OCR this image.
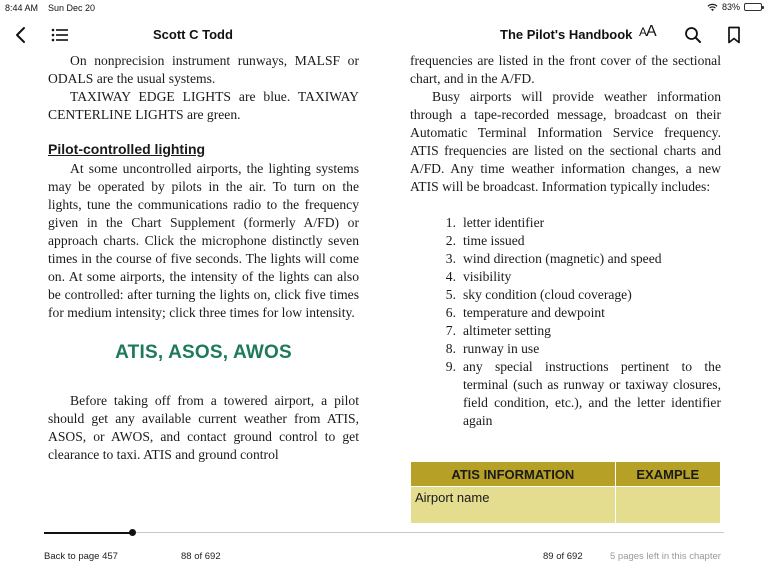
8:44 AM Sun Dec 20	83%
Scott C Todd	The Pilot's Handbook AA

On nonprecision instrument runways, MALSF or ODALS are the usual systems.

TAXIWAY EDGE LIGHTS are blue. TAXIWAY CENTERLINE LIGHTS are green.

Pilot-controlled lighting

At some uncontrolled airports, the lighting systems may be operated by pilots in the air. To turn on the lights, tune the communications radio to the frequency given in the Chart Supplement (formerly A/FD) or approach charts. Click the microphone distinctly seven times in the course of five seconds. The lights will come on. At some airports, the intensity of the lights can also be controlled: after turning the lights on, click five times for medium intensity; click three times for low intensity.

ATIS, ASOS, AWOS

Before taking off from a towered airport, a pilot should get any available current weather from ATIS, ASOS, or AWOS, and contact ground control to get clearance to taxi. ATIS and ground control

frequencies are listed in the front cover of the sectional chart, and in the A/FD.

Busy airports will provide weather information through a tape-recorded message, broadcast on their Automatic Terminal Information Service frequency. ATIS frequencies are listed on the sectional charts and A/FD. Any time weather information changes, a new ATIS will be broadcast. Information typically includes:

1. letter identifier
2. time issued
3. wind direction (magnetic) and speed
4. visibility
5. sky condition (cloud coverage)
6. temperature and dewpoint
7. altimeter setting
8. runway in use
9. any special instructions pertinent to the terminal (such as runway or taxiway closures, field condition, etc.), and the letter identifier again
ATIS INFORMATION	EXAMPLE
Airport name	
Back to page 457	88 of 692	89 of 692	5 pages left in this chapter
